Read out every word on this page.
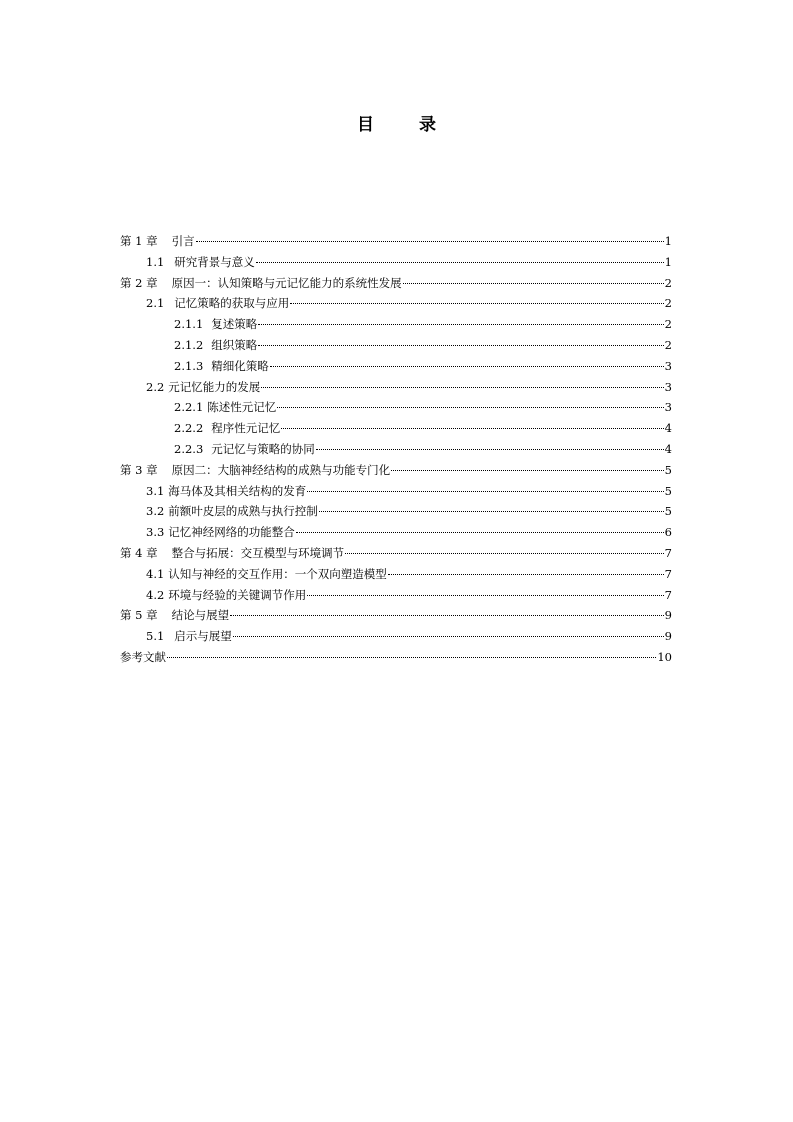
目　录
第 1 章 引言	1
1.1 研究背景与意义	1
第 2 章 原因一：认知策略与元记忆能力的系统性发展	2
2.1 记忆策略的获取与应用	2
2.1.1 复述策略	2
2.1.2 组织策略	2
2.1.3 精细化策略	3
2.2 元记忆能力的发展	3
2.2.1 陈述性元记忆	3
2.2.2 程序性元记忆	4
2.2.3 元记忆与策略的协同	4
第 3 章 原因二：大脑神经结构的成熟与功能专门化	5
3.1 海马体及其相关结构的发育	5
3.2 前额叶皮层的成熟与执行控制	5
3.3 记忆神经网络的功能整合	6
第 4 章 整合与拓展：交互模型与环境调节	7
4.1 认知与神经的交互作用：一个双向塑造模型	7
4.2 环境与经验的关键调节作用	7
第 5 章 结论与展望	9
5.1 启示与展望	9
参考文献	10
